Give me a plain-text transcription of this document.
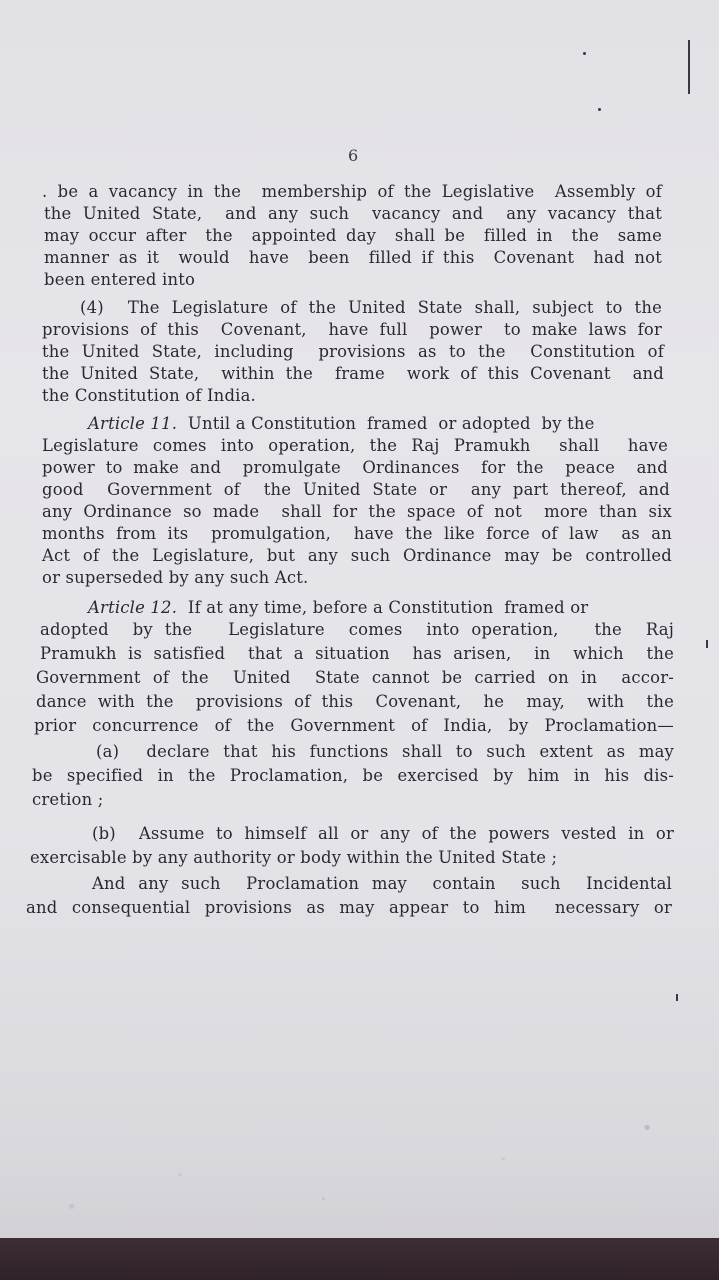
6
. be a vacancy in the  membership of the Legislative  Assembly of
the United State,  and any such  vacancy and  any vacancy that
may occur after  the  appointed day  shall be  filled in  the  same
manner as it  would  have  been  filled if this  Covenant  had not
been entered into
(4)  The Legislature of the United State shall, subject to the
provisions of this  Covenant,  have full  power  to make laws for
the United State, including  provisions as to the  Constitution of
the United State,  within the  frame  work of this Covenant  and
the Constitution of India.
Article 11.  Until a Constitution  framed  or adopted  by the
Legislature comes into operation, the Raj Pramukh  shall  have
power to make and  promulgate  Ordinances  for the  peace  and
good  Government of  the United State or  any part thereof, and
any Ordinance so made  shall for the space of not  more than six
months from its  promulgation,  have the like force of law  as an
Act of the Legislature, but any such Ordinance may be controlled
or superseded by any such Act.
Article 12.  If at any time, before a Constitution  framed or
adopted  by the   Legislature  comes  into operation,   the  Raj
Pramukh is satisfied  that a situation  has arisen,  in  which  the
Government of the  United  State cannot be carried on in  accor-
dance with the  provisions of this  Covenant,  he  may,  with  the
prior concurrence of the Government of India, by Proclamation—
(a)  declare that his functions shall to such extent as may
be specified in the Proclamation, be exercised by him in his dis-
cretion ;
(b)  Assume to himself all or any of the powers vested in or
exercisable by any authority or body within the United State ;
And any such  Proclamation may  contain  such  Incidental
and consequential provisions as may appear to him  necessary or
